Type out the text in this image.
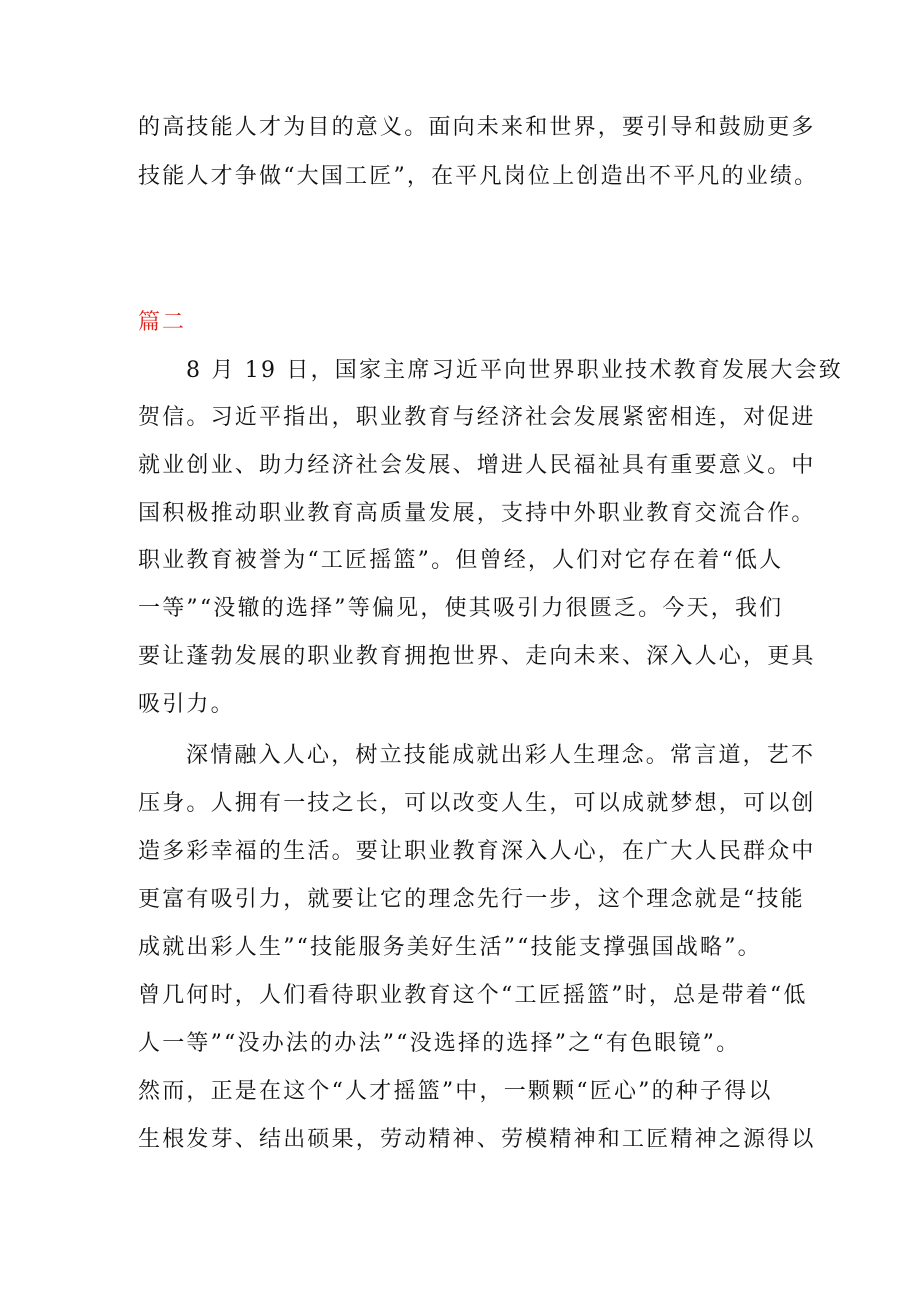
的高技能人才为目的意义。面向未来和世界，要引导和鼓励更多
技能人才争做“大国工匠”，在平凡岗位上创造出不平凡的业绩。
篇二
8 月 19 日，国家主席习近平向世界职业技术教育发展大会致
贺信。习近平指出，职业教育与经济社会发展紧密相连，对促进
就业创业、助力经济社会发展、增进人民福祉具有重要意义。中
国积极推动职业教育高质量发展，支持中外职业教育交流合作。
职业教育被誉为“工匠摇篮”。但曾经，人们对它存在着“低人
一等”“没辙的选择”等偏见，使其吸引力很匮乏。今天，我们
要让蓬勃发展的职业教育拥抱世界、走向未来、深入人心，更具
吸引力。
深情融入人心，树立技能成就出彩人生理念。常言道，艺不
压身。人拥有一技之长，可以改变人生，可以成就梦想，可以创
造多彩幸福的生活。要让职业教育深入人心，在广大人民群众中
更富有吸引力，就要让它的理念先行一步，这个理念就是“技能
成就出彩人生”“技能服务美好生活”“技能支撑强国战略”。
曾几何时，人们看待职业教育这个“工匠摇篮”时，总是带着“低
人一等”“没办法的办法”“没选择的选择”之“有色眼镜”。
然而，正是在这个“人才摇篮”中，一颗颗“匠心”的种子得以
生根发芽、结出硕果，劳动精神、劳模精神和工匠精神之源得以
